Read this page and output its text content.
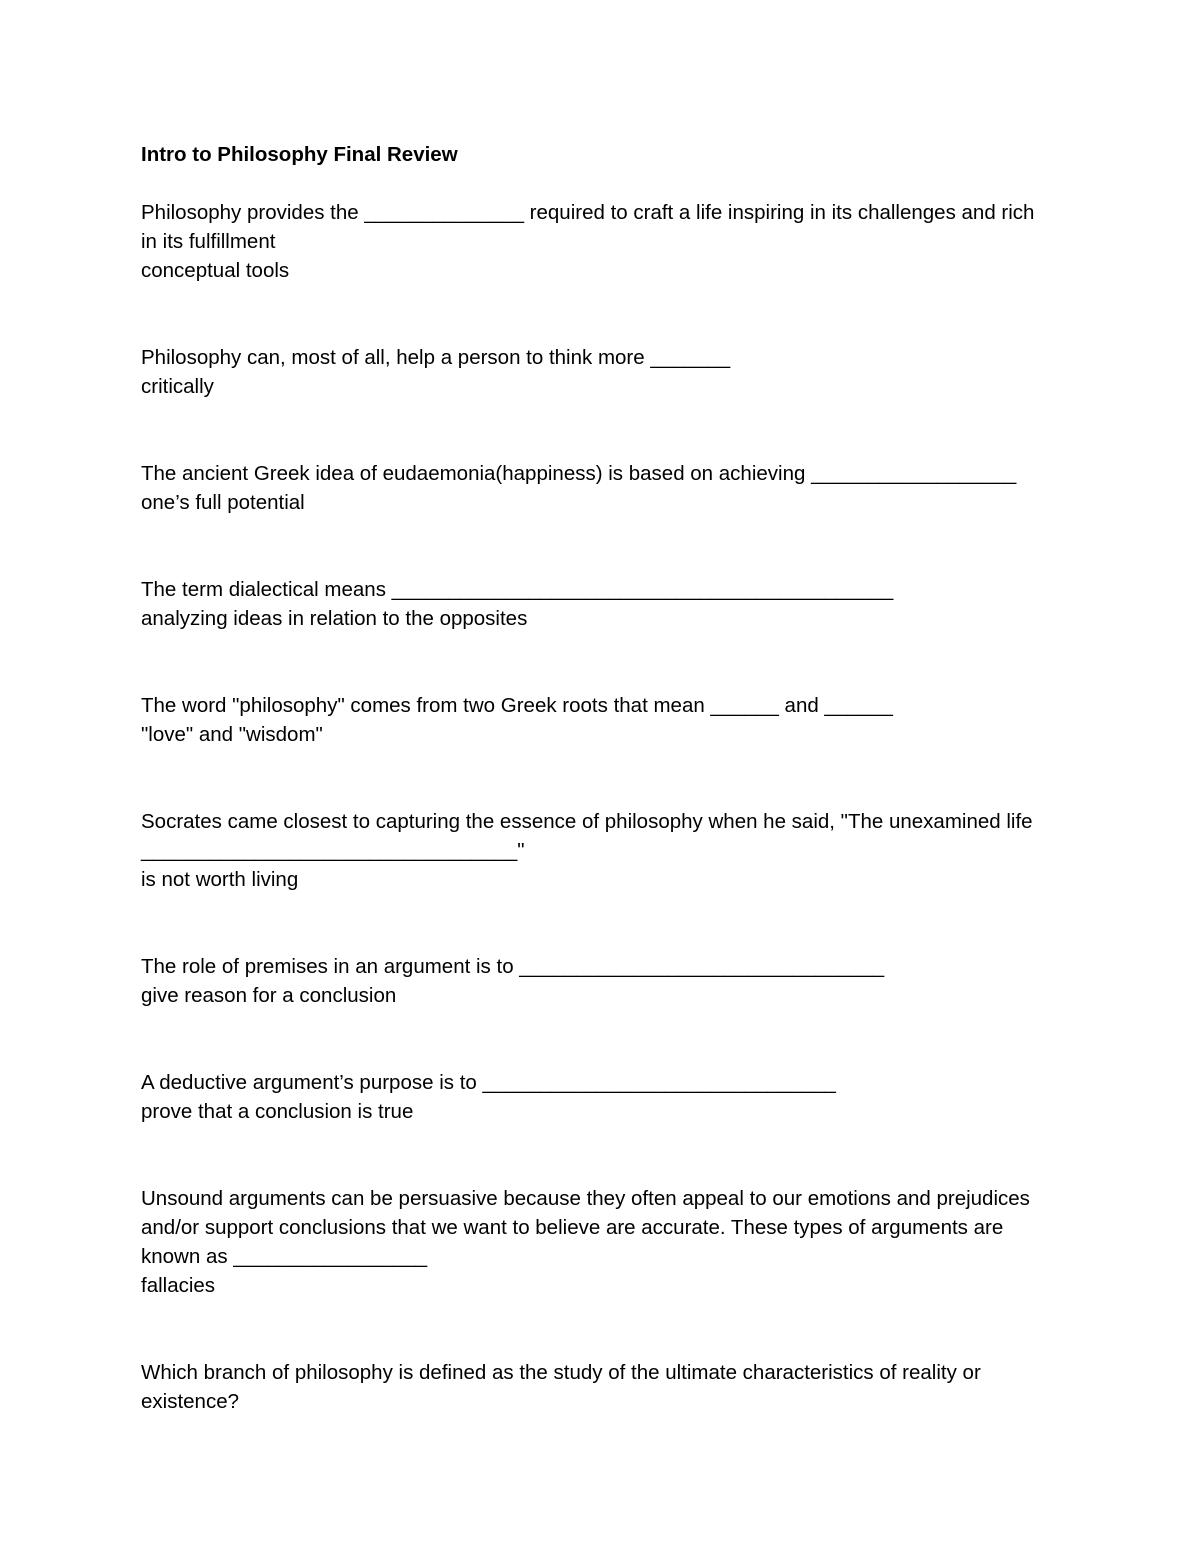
Intro to Philosophy Final Review

Philosophy provides the ______________ required to craft a life inspiring in its challenges and rich in its fulfillment

conceptual tools

Philosophy can, most of all, help a person to think more _______

critically

The ancient Greek idea of eudaemonia(happiness) is based on achieving __________________

one’s full potential

The term dialectical means ____________________________________________

analyzing ideas in relation to the opposites

The word "philosophy" comes from two Greek roots that mean ______ and ______

"love" and "wisdom"

Socrates came closest to capturing the essence of philosophy when he said, "The unexamined life _________________________________"

is not worth living

The role of premises in an argument is to ________________________________

give reason for a conclusion

A deductive argument’s purpose is to _______________________________

prove that a conclusion is true

Unsound arguments can be persuasive because they often appeal to our emotions and prejudices and/or support conclusions that we want to believe are accurate. These types of arguments are known as _________________

fallacies

Which branch of philosophy is defined as the study of the ultimate characteristics of reality or existence?
